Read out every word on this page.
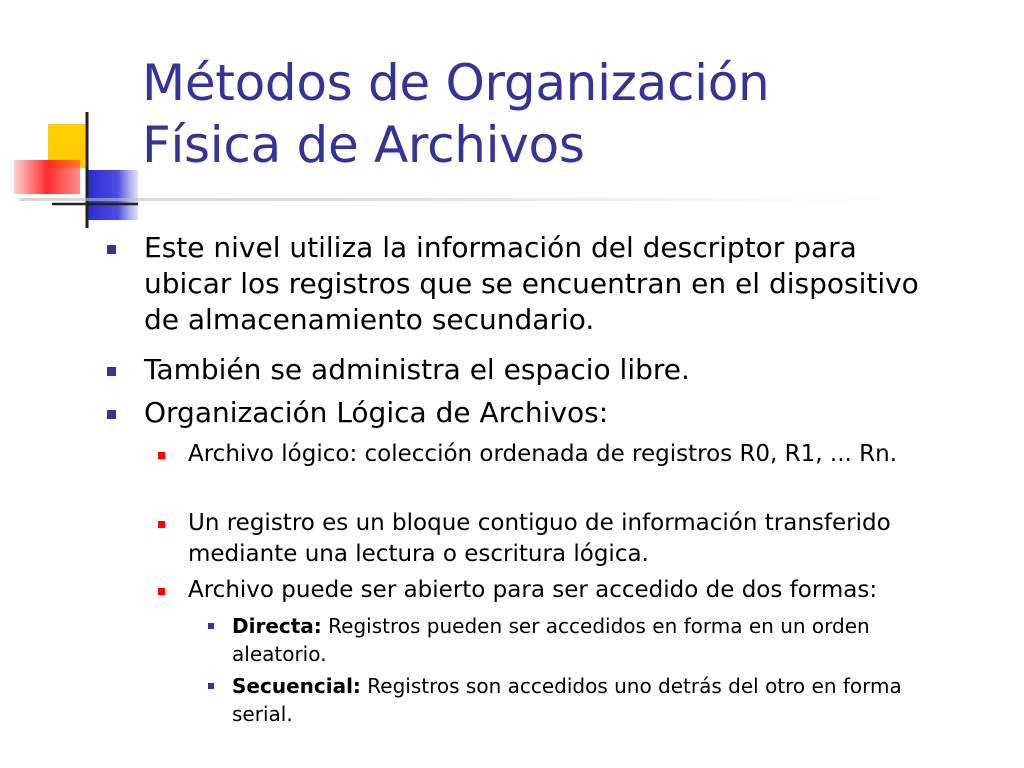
Métodos de Organización
Física de Archivos

Este nivel utiliza la información del descriptor para ubicar los registros que se encuentran en el dispositivo de almacenamiento secundario.

También se administra el espacio libre.

Organización Lógica de Archivos:

Archivo lógico: colección ordenada de registros R0, R1, ... Rn.

Un registro es un bloque contiguo de información transferido mediante una lectura o escritura lógica.

Archivo puede ser abierto para ser accedido de dos formas:

Directa: Registros pueden ser accedidos en forma en un orden aleatorio.

Secuencial: Registros son accedidos uno detrás del otro en forma serial.
